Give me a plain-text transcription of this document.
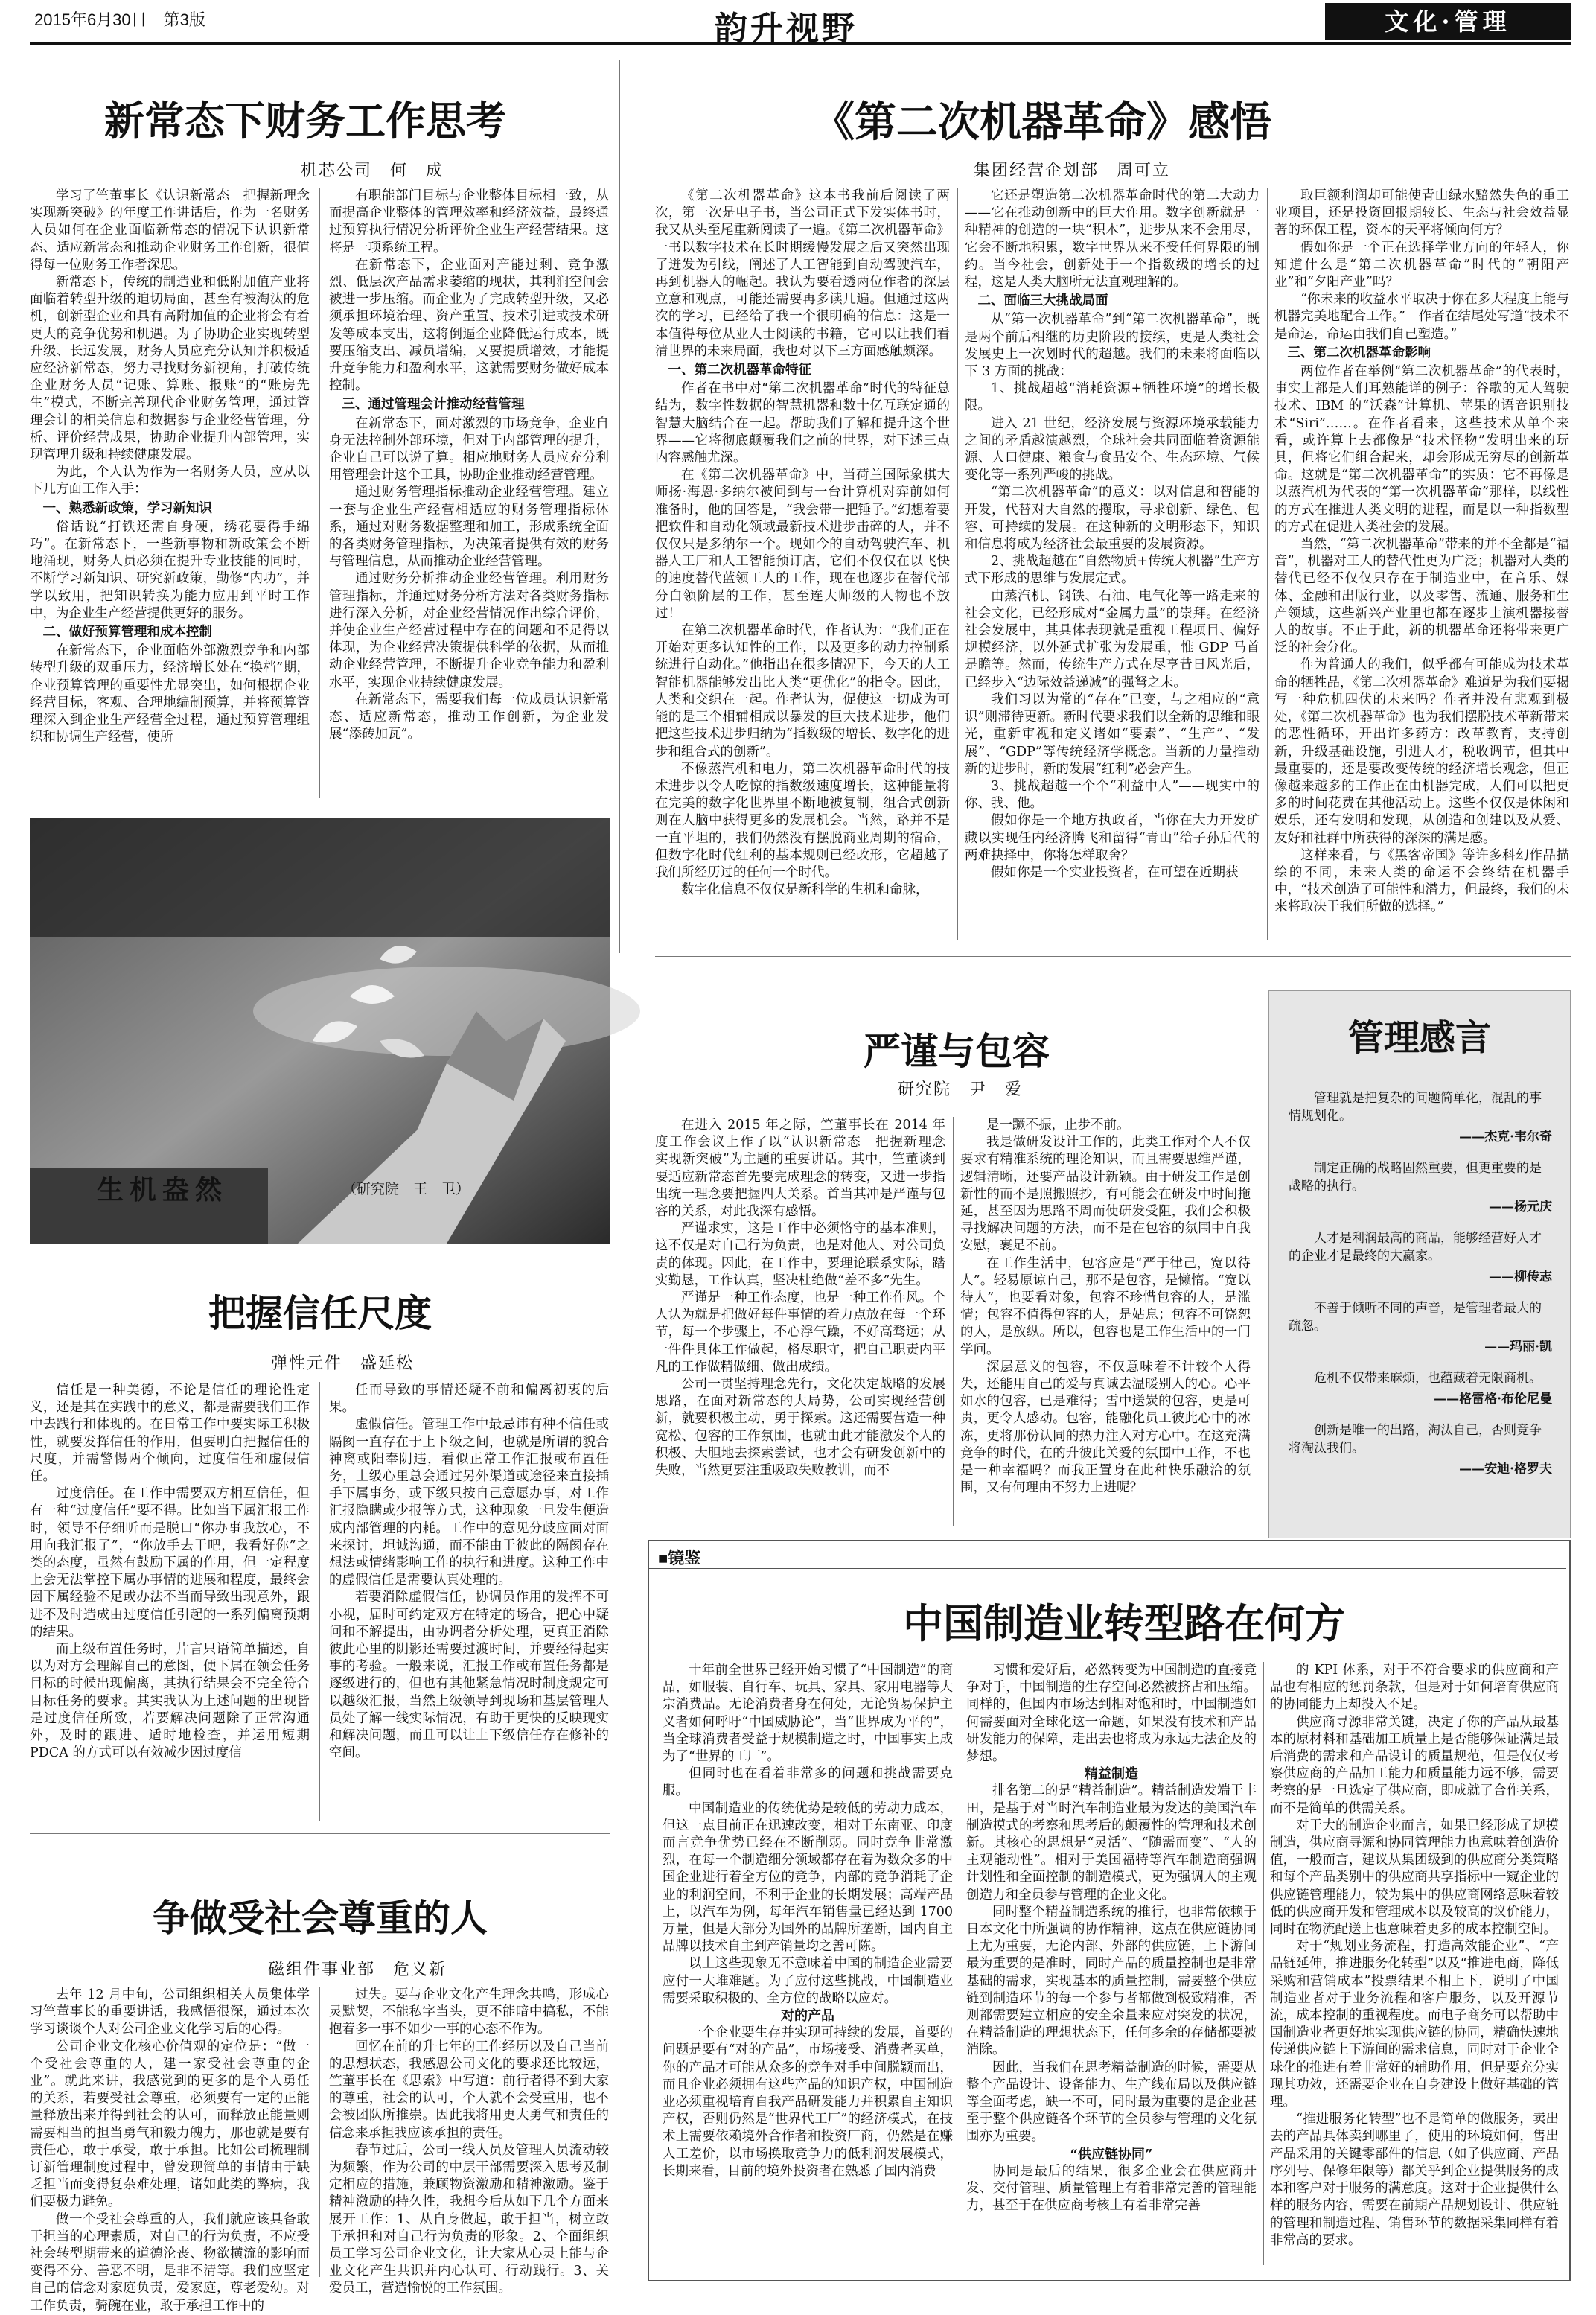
2015年6月30日　第3版	韵升视野	文化·管理
新常态下财务工作思考
机芯公司　何　成

学习了竺董事长《认识新常态　把握新理念　实现新突破》的年度工作讲话后，作为一名财务人员如何在企业面临新常态的情况下认识新常态、适应新常态和推动企业财务工作创新，很值得每一位财务工作者深思。

新常态下，传统的制造业和低附加值产业将面临着转型升级的迫切局面，甚至有被淘汰的危机，创新型企业和具有高附加值的企业将会有着更大的竞争优势和机遇。为了协助企业实现转型升级、长远发展，财务人员应充分认知并积极适应经济新常态，努力寻找财务新视角，打破传统企业财务人员“记账、算账、报账”的“账房先生”模式，不断完善现代企业财务管理，通过管理会计的相关信息和数据参与企业经营管理，分析、评价经营成果，协助企业提升内部管理，实现管理升级和持续健康发展。

为此，个人认为作为一名财务人员，应从以下几方面工作入手：

一、熟悉新政策，学习新知识

俗话说“打铁还需自身硬，绣花要得手绵巧”。在新常态下，一些新事物和新政策会不断地涌现，财务人员必须在提升专业技能的同时，不断学习新知识、研究新政策，勤修“内功”，并学以致用，把知识转换为能力应用到平时工作中，为企业生产经营提供更好的服务。

二、做好预算管理和成本控制

在新常态下，企业面临外部激烈竞争和内部转型升级的双重压力，经济增长处在“换档”期，企业预算管理的重要性尤显突出，如何根据企业经营目标，客观、合理地编制预算，并将预算管理深入到企业生产经营全过程，通过预算管理组织和协调生产经营，使所

有职能部门目标与企业整体目标相一致，从而提高企业整体的管理效率和经济效益，最终通过预算执行情况分析评价企业生产经营结果。这将是一项系统工程。

在新常态下，企业面对产能过剩、竞争激烈、低层次产品需求萎缩的现状，其利润空间会被进一步压缩。而企业为了完成转型升级，又必须承担环境治理、资产重置、技术引进或技术研发等成本支出，这将倒逼企业降低运行成本，既要压缩支出、减员增编，又要提质增效，才能提升竞争能力和盈利水平，这就需要财务做好成本控制。

三、通过管理会计推动经营管理

在新常态下，面对激烈的市场竞争，企业自身无法控制外部环境，但对于内部管理的提升，企业自己可以说了算。相应地财务人员应充分利用管理会计这个工具，协助企业推动经营管理。

通过财务管理指标推动企业经营管理。建立一套与企业生产经营相适应的财务管理指标体系，通过对财务数据整理和加工，形成系统全面的各类财务管理指标，为决策者提供有效的财务与管理信息，从而推动企业经营管理。

通过财务分析推动企业经营管理。利用财务管理指标，并通过财务分析方法对各类财务指标进行深入分析，对企业经营情况作出综合评价，并使企业生产经营过程中存在的问题和不足得以体现，为企业经营决策提供科学的依据，从而推动企业经营管理，不断提升企业竞争能力和盈利水平，实现企业持续健康发展。

在新常态下，需要我们每一位成员认识新常态、适应新常态，推动工作创新，为企业发展“添砖加瓦”。

生机盎然	（研究院　王　卫）
把握信任尺度
弹性元件　盛延松

信任是一种美德，不论是信任的理论性定义，还是其在实践中的意义，都是需要我们工作中去践行和体现的。在日常工作中要实际工积极性，就要发挥信任的作用，但要明白把握信任的尺度，并需警惕两个倾向，过度信任和虚假信任。

过度信任。在工作中需要双方相互信任，但有一种“过度信任”要不得。比如当下属汇报工作时，领导不仔细听而是脱口“你办事我放心，不用向我汇报了”，“你放手去干吧，我看好你”之类的态度，虽然有鼓励下属的作用，但一定程度上会无法掌控下属办事情的进展和程度，最终会因下属经验不足或办法不当而导致出现意外，跟进不及时造成由过度信任引起的一系列偏离预期的结果。

而上级布置任务时，片言只语简单描述，自以为对方会理解自己的意图，便下属在领会任务目标的时候出现偏离，其执行结果会不完全符合目标任务的要求。其实我认为上述问题的出现皆是过度信任所致，若要解决问题除了正常沟通外，及时的跟进、适时地检查，并运用短期 PDCA 的方式可以有效减少因过度信

任而导致的事情还疑不前和偏离初衷的后果。

虚假信任。管理工作中最忌讳有种不信任或隔阂一直存在于上下级之间，也就是所谓的貌合神离或阳奉阴违，看似正常工作汇报或布置任务，上级心里总会通过另外渠道或途径来直接插手下属事务，或下级只按自己意愿办事，对工作汇报隐瞒或少报等方式，这种现象一旦发生便造成内部管理的内耗。工作中的意见分歧应面对面来探讨，坦诚沟通，而不能由于彼此的隔阂存在想法或情绪影响工作的执行和进度。这种工作中的虚假信任是需要认真处理的。

若要消除虚假信任，协调员作用的发挥不可小视，届时可约定双方在特定的场合，把心中疑问和不解提出，由协调者分析处理，更真正消除彼此心里的阴影还需要过渡时间，并要经得起实事的考验。一般来说，汇报工作或布置任务都是逐级进行的，但也有其他紧急情况时制度规定可以越级汇报，当然上级领导到现场和基层管理人员处了解一线实际情况，有助于更快的反映现实和解决问题，而且可以让上下级信任存在修补的空间。

争做受社会尊重的人
磁组件事业部　危义新

去年 12 月中旬，公司组织相关人员集体学习竺董事长的重要讲话，我感悟很深，通过本次学习谈谈个人对公司企业文化学习后的心得。

公司企业文化核心价值观的定位是：“做一个受社会尊重的人，建一家受社会尊重的企业”。就此来讲，我感觉到的更多的是个人勇任的关系，若要受社会尊重，必须要有一定的正能量释放出来并得到社会的认可，而释放正能量则需要相当的担当勇气和毅力魄力，那也就是要有责任心，敢于承受，敢于承担。比如公司梳理制订新管理制度过程中，曾发现简单的事情由于缺乏担当而变得复杂难处理，诸如此类的弊病，我们要极力避免。

做一个受社会尊重的人，我们就应该具备敢于担当的心理素质，对自己的行为负责，不应受社会转型期带来的道德沦丧、物欲横流的影响而变得不分、善恶不明，是非不清等。我们应坚定自己的信念对家庭负责，爱家庭，尊老爱幼。对工作负责，骑碗在业，敢于承担工作中的

过失。要与企业文化产生理念共鸣，形成心灵默契，不能私字当头，更不能暗中搞私，不能抱着多一事不如少一事的心态不作为。

回忆在前的升七年的工作经历以及自己当前的思想状态，我感恩公司文化的要求还比较远，竺董事长在《思索》中写道：前行者得不到大家的尊重，社会的认可，个人就不会受重用，也不会被团队所推崇。因此我将用更大勇气和责任的信念来承担我应该承担的责任。

春节过后，公司一线人员及管理人员流动较为频繁，作为公司的中层干部需要深入思考及制定相应的措施，兼顾物资激励和精神激励。鉴于精神激励的持久性，我想今后从如下几个方面来展开工作：1、从自身做起，敢于担当，树立敢于承担和对自己行为负责的形象。2、全面组织员工学习公司企业文化，让大家从心灵上能与企业文化产生共识并内心认可、行动践行。3、关爱员工，营造愉悦的工作氛围。

《第二次机器革命》感悟
集团经营企划部　周可立

《第二次机器革命》这本书我前后阅读了两次，第一次是电子书，当公司正式下发实体书时，我又从头至尾重新阅读了一遍。《第二次机器革命》一书以数字技术在长时期缓慢发展之后又突然出现了迸发为引线，阐述了人工智能到自动驾驶汽车，再到机器人的崛起。我认为要看透两位作者的深层立意和观点，可能还需要再多读几遍。但通过这两次的学习，已经给了我一个很明确的信息：这是一本值得每位从业人士阅读的书籍，它可以让我们看清世界的未来局面，我也对以下三方面感触颇深。

一、第二次机器革命特征

作者在书中对“第二次机器革命”时代的特征总结为，数字性数据的智慧机器和数十亿互联定通的智慧大脑结合在一起。帮助我们了解和提升这个世界——它将彻底颠覆我们之前的世界，对下述三点内容感触尤深。

在《第二次机器革命》中，当荷兰国际象棋大师扬·海恩·多纳尔被问到与一台计算机对弈前如何准备时，他的回答是，“我会带一把锤子。”幻想着要把软件和自动化领域最新技术进步击碎的人，并不仅仅只是多纳尔一个。现如今的自动驾驶汽车、机器人工厂和人工智能预订店，它们不仅仅在以飞快的速度替代蓝领工人的工作，现在也逐步在替代部分白领阶层的工作，甚至连大师级的人物也不放过！

在第二次机器革命时代，作者认为：“我们正在开始对更多认知性的工作，以及更多的动力控制系统进行自动化。”他指出在很多情况下，今天的人工智能机器能够发出比人类“更优化”的指令。因此，人类和交织在一起。作者认为，促使这一切成为可能的是三个相辅相成以暴发的巨大技术进步，他们把这些技术进步归纳为“指数级的增长、数字化的进步和组合式的创新”。

不像蒸汽机和电力，第二次机器革命时代的技术进步以令人吃惊的指数级速度增长，这种能量将在完美的数字化世界里不断地被复制，组合式创新则在人脑中获得更多的发展机会。当然，路并不是一直平坦的，我们仍然没有摆脱商业周期的宿命，但数字化时代红利的基本规则已经改形，它超越了我们所经历过的任何一个时代。

数字化信息不仅仅是新科学的生机和命脉，

它还是塑造第二次机器革命时代的第二大动力——它在推动创新中的巨大作用。数字创新就是一种精神的创造的一块“积木”，进步从来不会用尽，它会不断地积累，数字世界从来不受任何界限的制约。当今社会，创新处于一个指数级的增长的过程，这是人类大脑所无法直观理解的。

二、面临三大挑战局面

从“第一次机器革命”到“第二次机器革命”，既是两个前后相继的历史阶段的接续，更是人类社会发展史上一次划时代的超越。我们的未来将面临以下 3 方面的挑战：

1、挑战超越“消耗资源+牺牲环境”的增长极限。

进入 21 世纪，经济发展与资源环境承载能力之间的矛盾越演越烈，全球社会共同面临着资源能源、人口健康、粮食与食品安全、生态环境、气候变化等一系列严峻的挑战。

“第二次机器革命”的意义：以对信息和智能的开发，代替对大自然的攫取，寻求创新、绿色、包容、可持续的发展。在这种新的文明形态下，知识和信息将成为经济社会最重要的发展资源。

2、挑战超越在“自然物质+传统大机器”生产方式下形成的思维与发展定式。

由蒸汽机、钢铁、石油、电气化等一路走来的社会文化，已经形成对“金属力量”的崇拜。在经济社会发展中，其具体表现就是重视工程项目、偏好规模经济，以外延式扩张为发展重，惟 GDP 马首是瞻等。然而，传统生产方式在尽享昔日风光后，已经步入“边际效益递减”的强弩之末。

我们习以为常的“存在”已变，与之相应的“意识”则滞待更新。新时代要求我们以全新的思维和眼光，重新审视和定义诸如“要素”、“生产”、“发展”、“GDP”等传统经济学概念。当新的力量推动新的进步时，新的发展“红利”必会产生。

3、挑战超越一个个“利益中人”——现实中的你、我、他。

假如你是一个地方执政者，当你在大力开发矿藏以实现任内经济腾飞和留得“青山”给子孙后代的两难抉择中，你将怎样取舍？

假如你是一个实业投资者，在可望在近期获

取巨额利润却可能使青山绿水黯然失色的重工业项目，还是投资回报期较长、生态与社会效益显著的环保工程，资本的天平将倾向何方？

假如你是一个正在选择学业方向的年轻人，你知道什么是“第二次机器革命”时代的“朝阳产业”和“夕阳产业”吗？

“你未来的收益水平取决于你在多大程度上能与机器完美地配合工作。”　作者在结尾处写道“技术不是命运，命运由我们自己塑造。”

三、第二次机器革命影响

两位作者在举例“第二次机器革命”的代表时，事实上都是人们耳熟能详的例子：谷歌的无人驾驶技术、IBM 的“沃森”计算机、苹果的语音识别技术“Siri”……。在作者看来，这些技术从单个来看，或许算上去都像是“技术怪物”发明出来的玩具，但将它们组合起来，却会形成无穷尽的创新革命。这就是“第二次机器革命”的实质：它不再像是以蒸汽机为代表的“第一次机器革命”那样，以线性的方式在推进人类文明的进程，而是以一种指数型的方式在促进人类社会的发展。

当然，“第二次机器革命”带来的并不全都是“福音”，机器对工人的替代性更为广泛；机器对人类的替代已经不仅仅只存在于制造业中，在音乐、媒体、金融和出版行业，以及零售、流通、服务和生产领域，这些新兴产业里也都在逐步上演机器接替人的故事。不止于此，新的机器革命还将带来更广泛的社会分化。

作为普通人的我们，似乎都有可能成为技术革命的牺牲品，《第二次机器革命》难道是为我们要揭写一种危机四伏的未来吗？作者并没有悲观到极处，《第二次机器革命》也为我们摆脱技术革新带来的恶性循环，开出许多药方：改革教育，支持创新，升级基础设施，引进人才，税收调节，但其中最重要的，还是要改变传统的经济增长观念，但正像越来越多的工作正在由机器完成，人们可以把更多的时间花费在其他活动上。这些不仅仅是休闲和娱乐，还有发明和发现，从创造和创建以及从爱、友好和社群中所获得的深深的满足感。

这样来看，与《黑客帝国》等许多科幻作品描绘的不同，未来人类的命运不会终结在机器手中，“技术创造了可能性和潜力，但最终，我们的未来将取决于我们所做的选择。”

严谨与包容
研究院　尹　爱

在进入 2015 年之际，竺董事长在 2014 年度工作会议上作了以“认识新常态　把握新理念　实现新突破”为主题的重要讲话。其中，竺董谈到要适应新常态首先要完成理念的转变，又进一步指出统一理念要把握四大关系。首当其冲是严谨与包容的关系，对此我深有感悟。

严谨求实，这是工作中必须恪守的基本准则，这不仅是对自己行为负责，也是对他人、对公司负责的体现。因此，在工作中，要理论联系实际，踏实勤恳，工作认真，坚决杜绝做“差不多”先生。

严谨是一种工作态度，也是一种工作作风。个人认为就是把做好每件事情的着力点放在每一个环节，每一个步骤上，不心浮气躁，不好高骛远；从一件件具体工作做起，格尽职守，把自己职责内平凡的工作做精做细、做出成绩。

公司一贯坚持理念先行，文化决定战略的发展思路，在面对新常态的大局势，公司实现经营创新，就要积极主动，勇于探索。这还需要营造一种宽松、包容的工作氛围，也就由此才能激发个人的积极、大胆地去探索尝试，也才会有研发创新中的失败，当然更要注重吸取失败教训，而不

是一蹶不振，止步不前。

我是做研发设计工作的，此类工作对个人不仅要求有精准系统的理论知识，而且需要思维严谨，逻辑清晰，还要产品设计新颖。由于研发工作是创新性的而不是照搬照抄，有可能会在研发中时间拖延，甚至因为思路不周而使研发受阻，我们会积极寻找解决问题的方法，而不是在包容的氛围中自我安慰，裹足不前。

在工作生活中，包容应是“严于律己，宽以待人”。轻易原谅自己，那不是包容，是懒惰。“宽以待人”，也要看对象，包容不珍惜包容的人，是滥情；包容不值得包容的人，是姑息；包容不可饶恕的人，是放纵。所以，包容也是工作生活中的一门学问。

深层意义的包容，不仅意味着不计较个人得失，还能用自己的爱与真诚去温暖别人的心。心平如水的包容，已是难得；雪中送炭的包容，更是可贵，更令人感动。包容，能融化员工彼此心中的冰冻，更将那份认同的热力注入对方心中。在这充满竞争的时代，在的升彼此关爱的氛围中工作，不也是一种幸福吗？而我正置身在此种快乐融洽的氛围，又有何理由不努力上进呢？

管理感言

管理就是把复杂的问题简单化，混乱的事情规划化。

——杰克·韦尔奇

制定正确的战略固然重要，但更重要的是战略的执行。

——杨元庆

人才是利润最高的商品，能够经营好人才的企业才是最终的大赢家。

——柳传志

不善于倾听不同的声音，是管理者最大的疏忽。

——玛丽·凯

危机不仅带来麻烦，也蕴藏着无限商机。

——格雷格·布伦尼曼

创新是唯一的出路，淘汰自己，否则竞争将淘汰我们。

——安迪·格罗夫

■镜鉴
中国制造业转型路在何方

十年前全世界已经开始习惯了“中国制造”的商品，如服装、自行车、玩具、家具、家用电器等大宗消费品。无论消费者身在何处，无论贸易保护主义者如何呼吁“中国威胁论”，当“世界成为平的”，当全球消费者受益于规模制造之时，中国事实上成为了“世界的工厂”。

但同时也在看着非常多的问题和挑战需要克服。

中国制造业的传统优势是较低的劳动力成本，但这一点目前正在迅速改变，相对于东南亚、印度而言竞争优势已经在不断削弱。同时竞争非常激烈，在每一个制造细分领域都存在着为数众多的中国企业进行着全方位的竞争，内部的竞争消耗了企业的利润空间，不利于企业的长期发展；高端产品上，以汽车为例，每年汽车销售量已经达到 1700 万量，但是大部分为国外的品牌所垄断，国内自主品牌以技术自主到产销量均之善可陈。

以上这些现象无不意味着中国的制造企业需要应付一大堆难题。为了应付这些挑战，中国制造业需要采取积极的、全方位的战略以应对。

对的产品

一个企业要生存并实现可持续的发展，首要的问题是要有“对的产品”，市场接受、消费者买单，你的产品才可能从众多的竞争对手中间脱颖而出，而且企业必须拥有这些产品的知识产权，中国制造业必须重视培育自我产品研发能力并积累自主知识产权，否则仍然是“世界代工厂”的经济模式，在技术上需要依赖境外合作者和投资厂商，仍然是在赚人工差价，以市场换取竞争力的低利润发展模式，长期来看，目前的境外投资者在熟悉了国内消费

习惯和爱好后，必然转变为中国制造的直接竞争对手，中国制造的生存空间必然被挤占和压缩。同样的，但国内市场达到相对饱和时，中国制造如何需要面对全球化这一命题，如果没有技术和产品研发能力的保障，走出去也将成为永远无法企及的梦想。

精益制造

排名第二的是“精益制造”。精益制造发端于丰田，是基于对当时汽车制造业最为发达的美国汽车制造模式的考察和思考后的颠覆性的管理和技术创新。其核心的思想是“灵活”、“随需而变”、“人的主观能动性”。相对于美国福特等汽车制造商强调计划性和全面控制的制造模式，更为强调人的主观创造力和全员参与管理的企业文化。

同时整个精益制造系统的推行，也非常依赖于日本文化中所强调的协作精神，这点在供应链协同上尤为重要，无论内部、外部的供应链，上下游间最为重要的是准时，同时产品的质量控制也是非常基础的需求，实现基本的质量控制，需要整个供应链到制造环节的每一个参与者都做到极致精准，否则都需要建立相应的安全余量来应对突发的状况，在精益制造的理想状态下，任何多余的存储都要被消除。

因此，当我们在思考精益制造的时候，需要从整个产品设计、设备能力、生产线布局以及供应链等全面考虑，缺一不可，同时最为重要的是企业甚至于整个供应链各个环节的全员参与管理的文化氛围亦为重要。

“供应链协同”

协同是最后的结果，很多企业会在供应商开发、交付管理、质量管理上有着非常完善的管理能力，甚至于在供应商考核上有着非常完善

的 KPI 体系，对于不符合要求的供应商和产品也有相应的惩罚条款，但是对于如何培育供应商的协同能力上却投入不足。

供应商寻源非常关键，决定了你的产品从最基本的原材料和基础加工质量上是否能够保证满足最后消费的需求和产品设计的质量规范，但是仅仅考察供应商的产品加工能力和质量能力远不够，需要考察的是一旦选定了供应商，即成就了合作关系，而不是简单的供需关系。

对于大的制造企业而言，如果已经形成了规模制造，供应商寻源和协同管理能力也意味着创造价值，一般而言，建议从集团级到的供应商分类策略和每个产品类别中的供应商共享指标中一窥企业的供应链管理能力，较为集中的供应商网络意味着较低的供应商开发和管理成本以及较高的议价能力，同时在物流配送上也意味着更多的成本控制空间。

对于“规划业务流程，打造高效能企业”、“产品链延伸，推进服务化转型”以及“推进电商，降低采购和营销成本”投票结果不相上下，说明了中国制造业者对于业务流程和客户服务，以及开源节流，成本控制的重视程度。而电子商务可以帮助中国制造业者更好地实现供应链的协同，精确快速地传递供应链上下游间的需求信息，同时对于企业全球化的推进有着非常好的辅助作用，但是要充分实现其功效，还需要企业在自身建设上做好基础的管理。

“推进服务化转型”也不是简单的做服务，卖出去的产品具体卖到哪里了，使用的环境如何，售出产品采用的关键零部件的信息（如子供应商、产品序列号、保修年限等）都关乎到企业提供服务的成本和客户对于服务的满意度。这对于企业提供什么样的服务内容，需要在前期产品规划设计、供应链的管理和制造过程、销售环节的数据采集同样有着非常高的要求。
